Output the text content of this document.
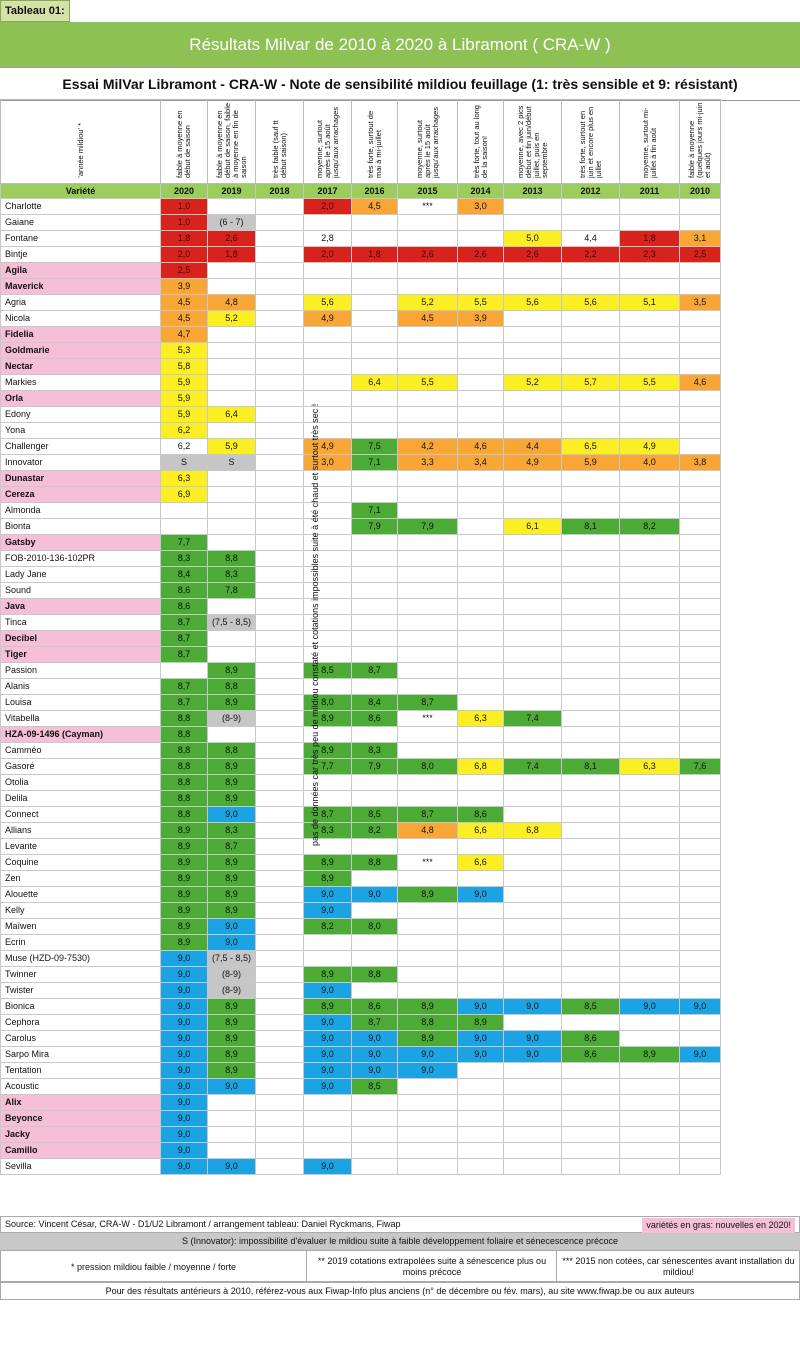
Tableau 01:
Résultats Milvar de 2010 à 2020 à Libramont ( CRA-W )
Essai MilVar Libramont - CRA-W - Note de sensibilité mildiou feuillage (1: très sensible et 9: résistant)
'année mildiou' *	faible à moyenne en début de saison	faible à moyenne en début de saison, faible à moyenne en fin de saison	très faible (sauf tt début saison)	moyenne, surtout après le 15 août jusqu'aux arrachages	très forte, surtout de mai à mi-juillet	moyenne, surtout après le 15 août jusqu'aux arrachages	très forte, tout au long de la saison!	moyenne, avec 2 pics début et fin juin/début juillet, puis en septembre	très forte, surtout en juin et encore plus en juillet	moyenne, surtout mi-juillet à fin août	faible à moyenne (quelques jours mi-juin et août)
Variété	2020	2019	2018	2017	2016	2015	2014	2013	2012	2011	2010
Charlotte	1,0			2,0	4,5	***	3,0				
Gaiane	1,0	(6 - 7)									
Fontane	1,8	2,6		2,8				5,0	4,4	1,8	3,1
Bintje	2,0	1,8		2,0	1,8	2,6	2,6	2,6	2,2	2,3	2,5
Agila	2,5										
Maverick	3,9										
Agria	4,5	4,8		5,6		5,2	5,5	5,6	5,6	5,1	3,5
Nicola	4,5	5,2		4,9		4,5	3,9				
Fidelia	4,7										
Goldmarie	5,3										
Nectar	5,8										
Markies	5,9				6,4	5,5		5,2	5,7	5,5	4,6
Orla	5,9										
Edony	5,9	6,4									
Yona	6,2										
Challenger	6,2	5,9		4,9	7,5	4,2	4,6	4,4	6,5	4,9	
Innovator	S	S		3,0	7,1	3,3	3,4	4,9	5,9	4,0	3,8
Dunastar	6,3										
Cereza	6,9										
Almonda					7,1						
Bionta					7,9	7,9		6,1	8,1	8,2	
Gatsby	7,7										
FOB-2010-136-102PR	8,3	8,8									
Lady Jane	8,4	8,3									
Sound	8,6	7,8									
Java	8,6										
Tinca	8,7	(7,5 - 8,5)									
Decibel	8,7										
Tiger	8,7										
Passion		8,9		8,5	8,7						
Alanis	8,7	8,8									
Louisa	8,7	8,9		8,0	8,4	8,7					
Vitabella	8,8	(8-9)		8,9	8,6	***	6,3	7,4			
HZA-09-1496 (Cayman)	8,8										
Camméo	8,8	8,8		8,9	8,3						
Gasoré	8,8	8,9		7,7	7,9	8,0	6,8	7,4	8,1	6,3	7,6
Otolia	8,8	8,9									
Delila	8,8	8,9									
Connect	8,8	9,0		8,7	8,5	8,7	8,6				
Allians	8,9	8,3		8,3	8,2	4,8	6,6	6,8			
Levante	8,9	8,7									
Coquine	8,9	8,9		8,9	8,8	***	6,6				
Zen	8,9	8,9		8,9							
Alouette	8,9	8,9		9,0	9,0	8,9	9,0				
Kelly	8,9	8,9		9,0							
Maïwen	8,9	9,0		8,2	8,0						
Ecrin	8,9	9,0									
Muse (HZD-09-7530)	9,0	(7,5 - 8,5)									
Twinner	9,0	(8-9)		8,9	8,8						
Twister	9,0	(8-9)		9,0							
Bionica	9,0	8,9		8,9	8,6	8,9	9,0	9,0	8,5	9,0	9,0
Cephora	9,0	8,9		9,0	8,7	8,8	8,9				
Carolus	9,0	8,9		9,0	9,0	8,9	9,0	9,0	8,6		
Sarpo Mira	9,0	8,9		9,0	9,0	9,0	9,0	9,0	8,6	8,9	9,0
Tentation	9,0	8,9		9,0	9,0	9,0					
Acoustic	9,0	9,0		9,0	8,5						
Alix	9,0										
Beyonce	9,0										
Jacky	9,0										
Camillo	9,0										
Sevilla	9,0	9,0		9,0							
pas de données car très peu de mildiou constaté et cotations impossibles suite à été chaud et surtout très sec !
Source: Vincent César, CRA-W - D1/U2 Libramont / arrangement tableau: Daniel Ryckmans, Fiwap	variétés en gras: nouvelles en 2020!
S (Innovator): impossibilité d'évaluer le mildiou suite à faible développement foliaire et sénecescence précoce
* pression mildiou faible / moyenne / forte
** 2019 cotations extrapolées suite à sénescence plus ou moins précoce
*** 2015 non cotées, car sénescentes avant installation du mildiou!
Pour des résultats antérieurs à 2010, référez-vous aux Fiwap-Info plus anciens (n° de décembre ou fév. mars), au site www.fiwap.be ou aux auteurs
